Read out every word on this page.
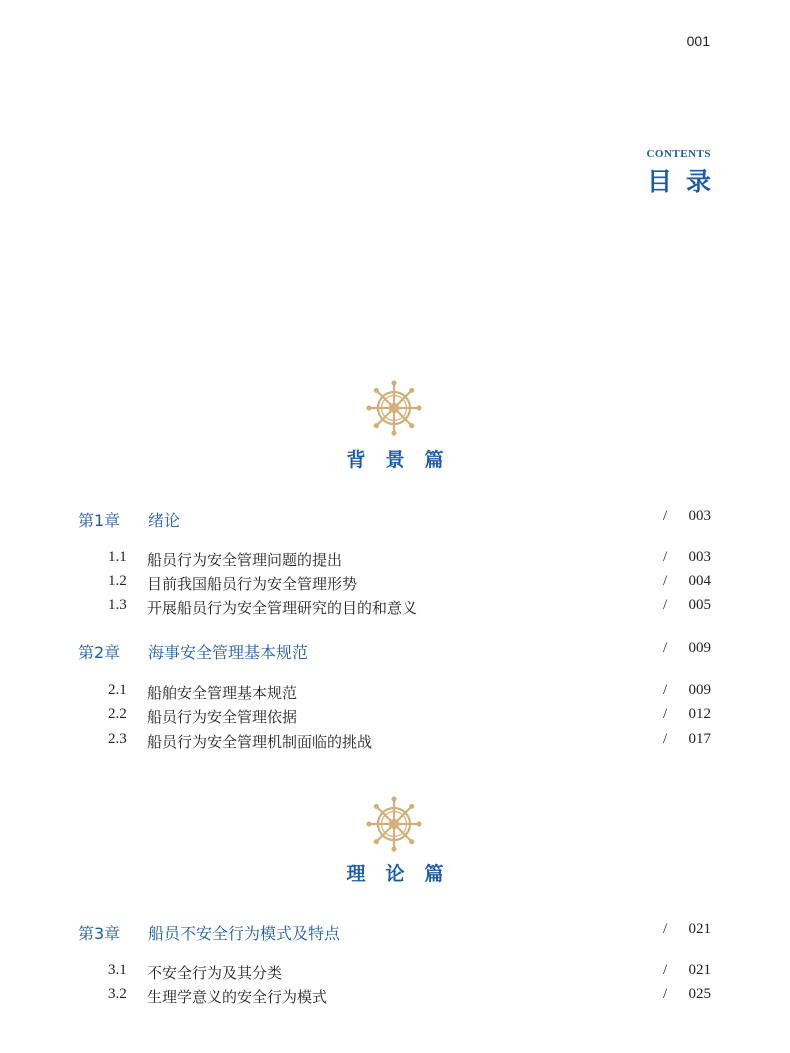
001
CONTENTS
目录
背景篇
第1章 绪论	/ 003
1.1 船员行为安全管理问题的提出	/ 003
1.2 目前我国船员行为安全管理形势	/ 004
1.3 开展船员行为安全管理研究的目的和意义	/ 005
第2章 海事安全管理基本规范	/ 009
2.1 船舶安全管理基本规范	/ 009
2.2 船员行为安全管理依据	/ 012
2.3 船员行为安全管理机制面临的挑战	/ 017
理论篇
第3章 船员不安全行为模式及特点	/ 021
3.1 不安全行为及其分类	/ 021
3.2 生理学意义的安全行为模式	/ 025
